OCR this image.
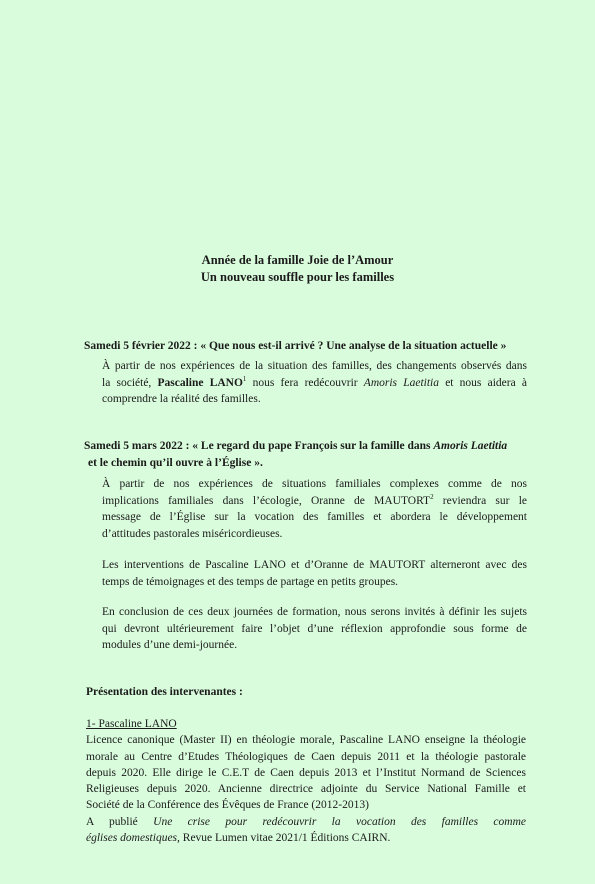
Année de la famille Joie de l’Amour
Un nouveau souffle pour les familles
Samedi 5 février 2022 : « Que nous est-il arrivé ? Une analyse de la situation actuelle »
À partir de nos expériences de la situation des familles, des changements observés dans
la société, Pascaline LANO$^1$ nous fera redécouvrir Amoris Laetitia et nous aidera à
comprendre la réalité des familles.
Samedi 5 mars 2022 : « Le regard du pape François sur la famille dans Amoris Laetitia
et le chemin qu’il ouvre à l’Église ».
À partir de nos expériences de situations familiales complexes comme de nos
implications familiales dans l’écologie, Oranne de MAUTORT$^2$ reviendra sur le
message de l’Église sur la vocation des familles et abordera le développement
d’attitudes pastorales miséricordieuses.
Les interventions de Pascaline LANO et d’Oranne de MAUTORT alterneront avec des
temps de témoignages et des temps de partage en petits groupes.
En conclusion de ces deux journées de formation, nous serons invités à définir les sujets
qui devront ultérieurement faire l’objet d’une réflexion approfondie sous forme de
modules d’une demi-journée.
Présentation des intervenantes :
1- Pascaline LANO
Licence canonique (Master II) en théologie morale, Pascaline LANO enseigne la théologie
morale au Centre d’Etudes Théologiques de Caen depuis 2011 et la théologie pastorale
depuis 2020. Elle dirige le C.E.T de Caen depuis 2013 et l’Institut Normand de Sciences
Religieuses depuis 2020. Ancienne directrice adjointe du Service National Famille et
Société de la Conférence des Évêques de France (2012-2013)
A publié Une crise pour redécouvrir la vocation des familles comme
églises domestiques, Revue Lumen vitae 2021/1 Éditions CAIRN.
